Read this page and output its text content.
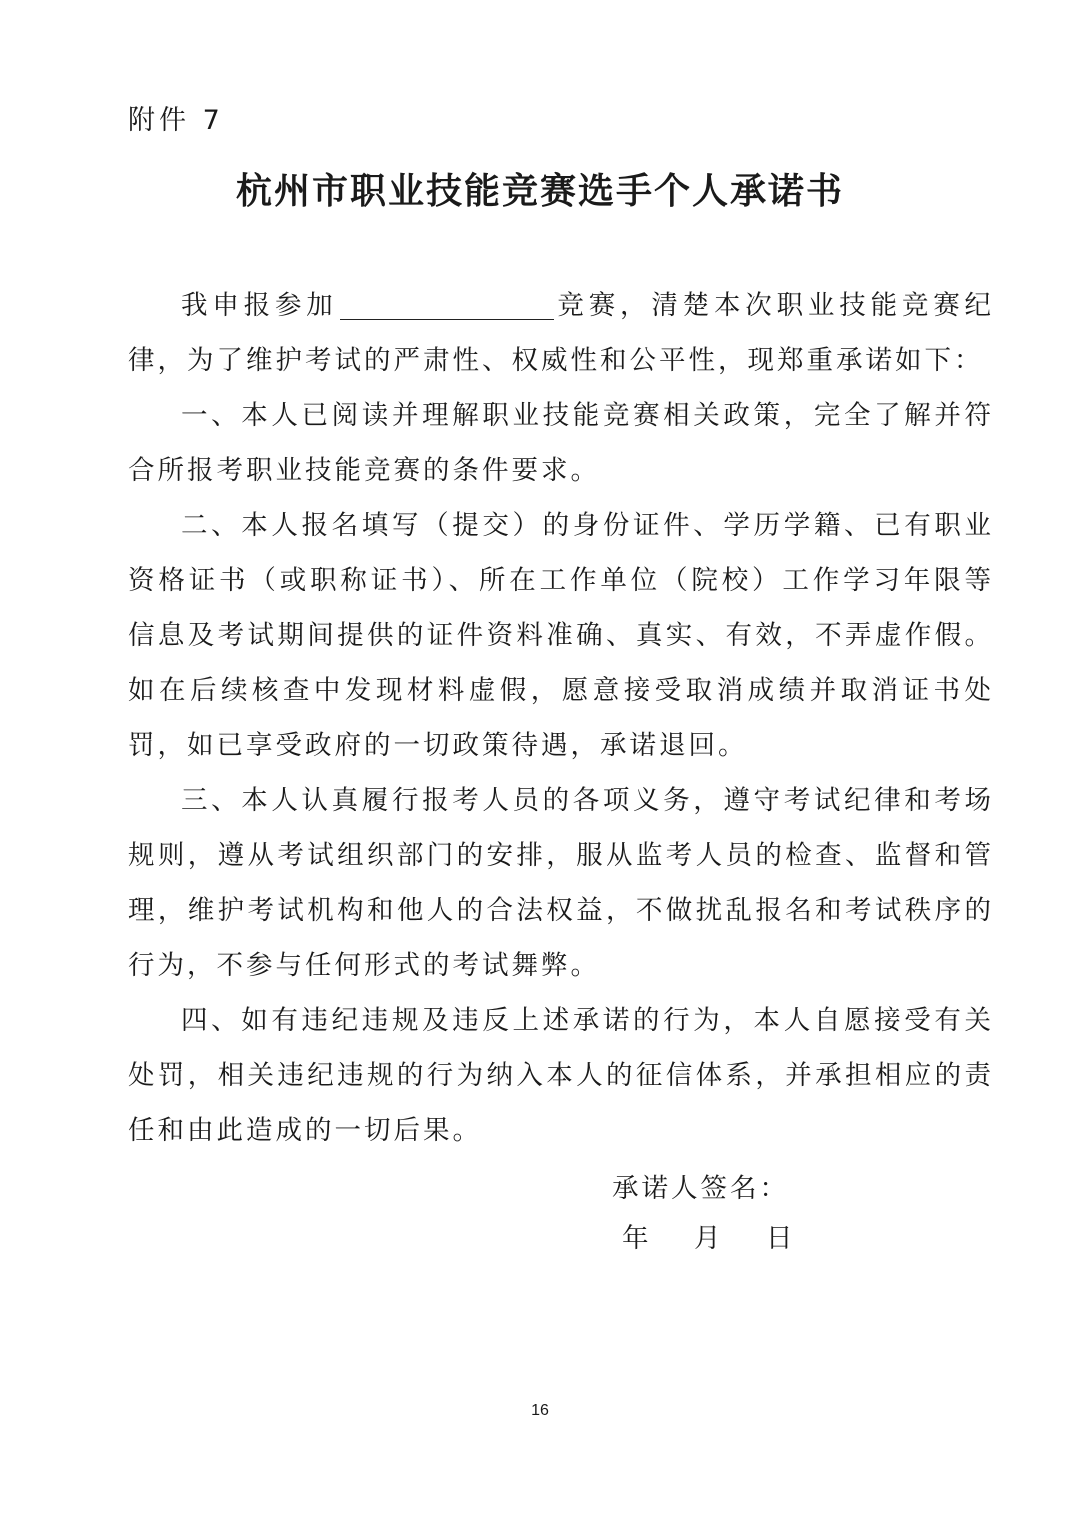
附件 7
杭州市职业技能竞赛选手个人承诺书

我申报参加	竞赛，清楚本次职业技能竞赛纪律，为了维护考试的严肃性、权威性和公平性，现郑重承诺如下：

一、本人已阅读并理解职业技能竞赛相关政策，完全了解并符合所报考职业技能竞赛的条件要求。

二、本人报名填写（提交）的身份证件、学历学籍、已有职业资格证书（或职称证书）、所在工作单位（院校）工作学习年限等信息及考试期间提供的证件资料准确、真实、有效，不弄虚作假。如在后续核查中发现材料虚假，愿意接受取消成绩并取消证书处罚，如已享受政府的一切政策待遇，承诺退回。

三、本人认真履行报考人员的各项义务，遵守考试纪律和考场规则，遵从考试组织部门的安排，服从监考人员的检查、监督和管理，维护考试机构和他人的合法权益，不做扰乱报名和考试秩序的行为，不参与任何形式的考试舞弊。

四、如有违纪违规及违反上述承诺的行为，本人自愿接受有关处罚，相关违纪违规的行为纳入本人的征信体系，并承担相应的责任和由此造成的一切后果。

承诺人签名：
年	月	日
16
